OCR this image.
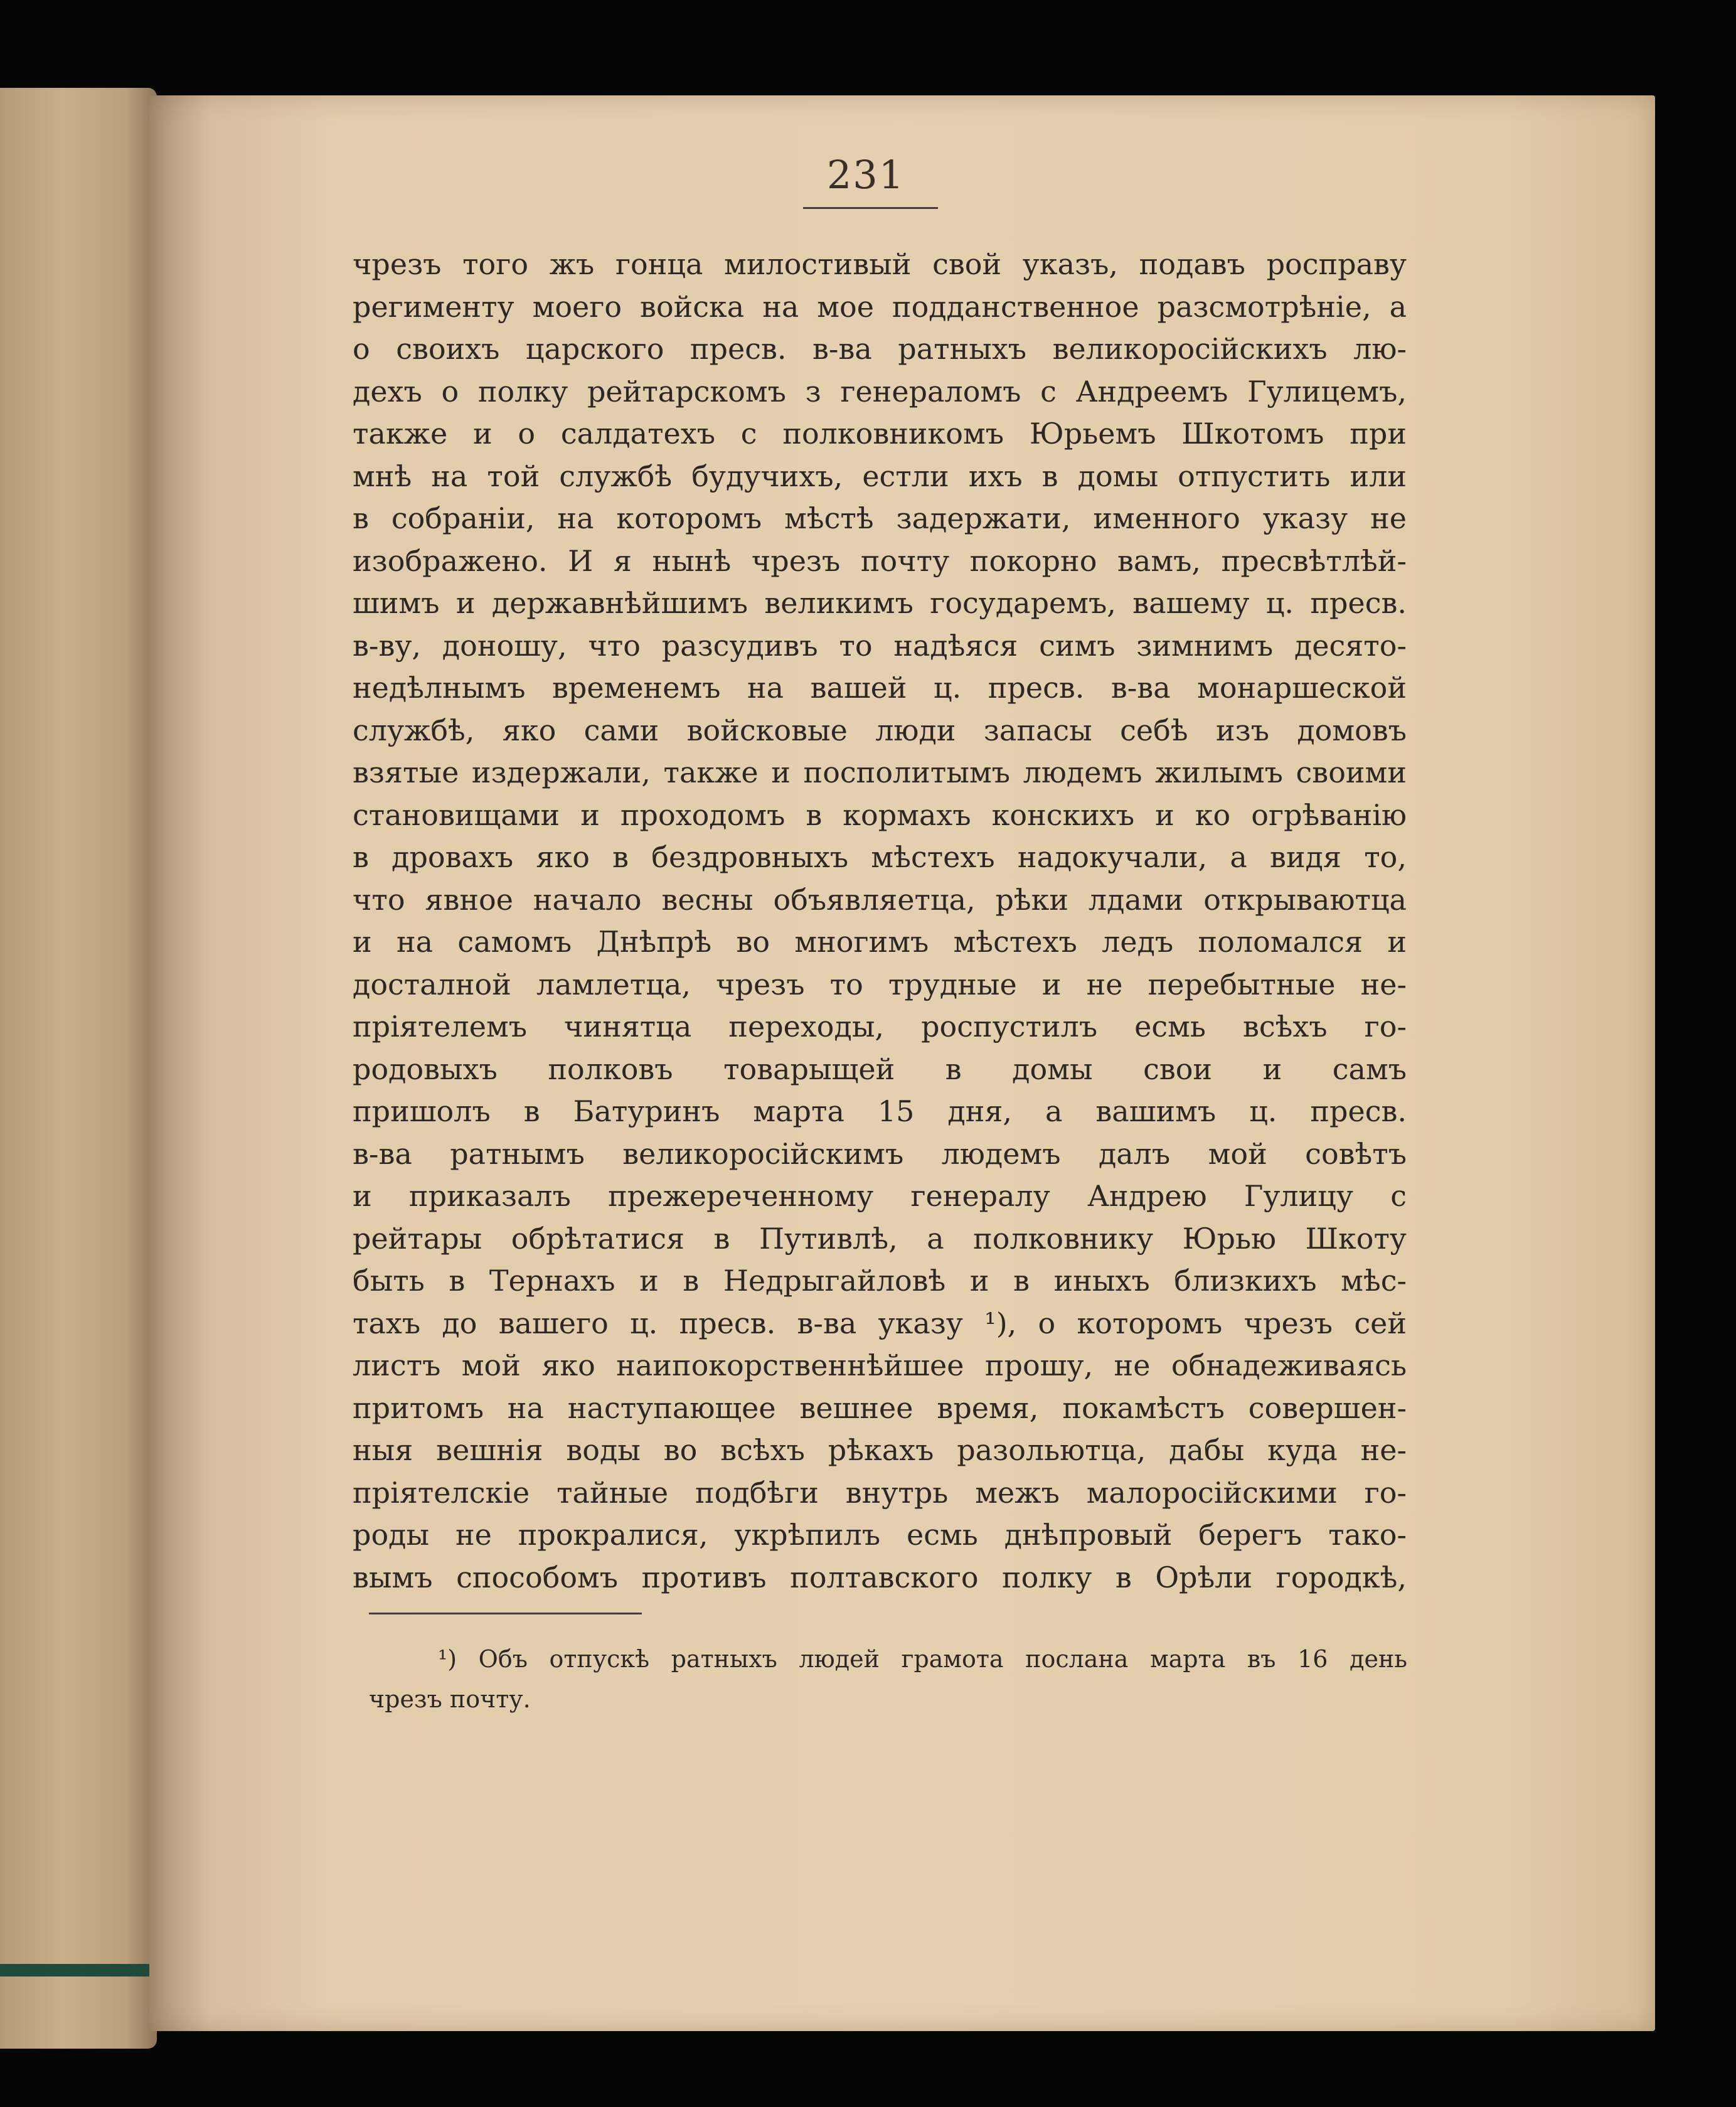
231
чрезъ того жъ гонца милостивый свой указъ, подавъ росправу
регименту моего войска на мое подданственное разсмотрѣніе, а
о своихъ царского пресв. в-ва ратныхъ великоросійскихъ лю-
дехъ о полку рейтарскомъ з генераломъ с Андреемъ Гулицемъ,
также и о салдатехъ с полковникомъ Юрьемъ Шкотомъ при
мнѣ на той службѣ будучихъ, естли ихъ в домы отпустить или
в собраніи, на которомъ мѣстѣ задержати, именного указу не
изображено. И я нынѣ чрезъ почту покорно вамъ, пресвѣтлѣй-
шимъ и державнѣйшимъ великимъ государемъ, вашему ц. пресв.
в-ву, доношу, что разсудивъ то надѣяся симъ зимнимъ десято-
недѣлнымъ временемъ на вашей ц. пресв. в-ва монаршеской
службѣ, яко сами войсковые люди запасы себѣ изъ домовъ
взятые издержали, также и посполитымъ людемъ жилымъ своими
становищами и проходомъ в кормахъ конскихъ и ко огрѣванію
в дровахъ яко в бездровныхъ мѣстехъ надокучали, а видя то,
что явное начало весны объявляетца, рѣки лдами открываютца
и на самомъ Днѣпрѣ во многимъ мѣстехъ ледъ поломался и
досталной ламлетца, чрезъ то трудные и не перебытные не-
пріятелемъ чинятца переходы, роспустилъ есмь всѣхъ го-
родовыхъ полковъ товарыщей в домы свои и самъ
пришолъ в Батуринъ марта 15 дня, а вашимъ ц. пресв.
в-ва ратнымъ великоросійскимъ людемъ далъ мой совѣтъ
и приказалъ прежереченному генералу Андрею Гулицу с
рейтары обрѣтатися в Путивлѣ, а полковнику Юрью Шкоту
быть в Тернахъ и в Недрыгайловѣ и в иныхъ близкихъ мѣс-
тахъ до вашего ц. пресв. в-ва указу ¹), о которомъ чрезъ сей
листъ мой яко наипокорственнѣйшее прошу, не обнадеживаясь
притомъ на наступающее вешнее время, покамѣстъ совершен-
ныя вешнія воды во всѣхъ рѣкахъ разольютца, дабы куда не-
пріятелскіе тайные подбѣги внутрь межъ малоросійскими го-
роды не прокралися, укрѣпилъ есмь днѣпровый берегъ тако-
вымъ способомъ противъ полтавского полку в Орѣли городкѣ,
¹) Объ отпускѣ ратныхъ людей грамота послана марта въ 16 день
чрезъ почту.
